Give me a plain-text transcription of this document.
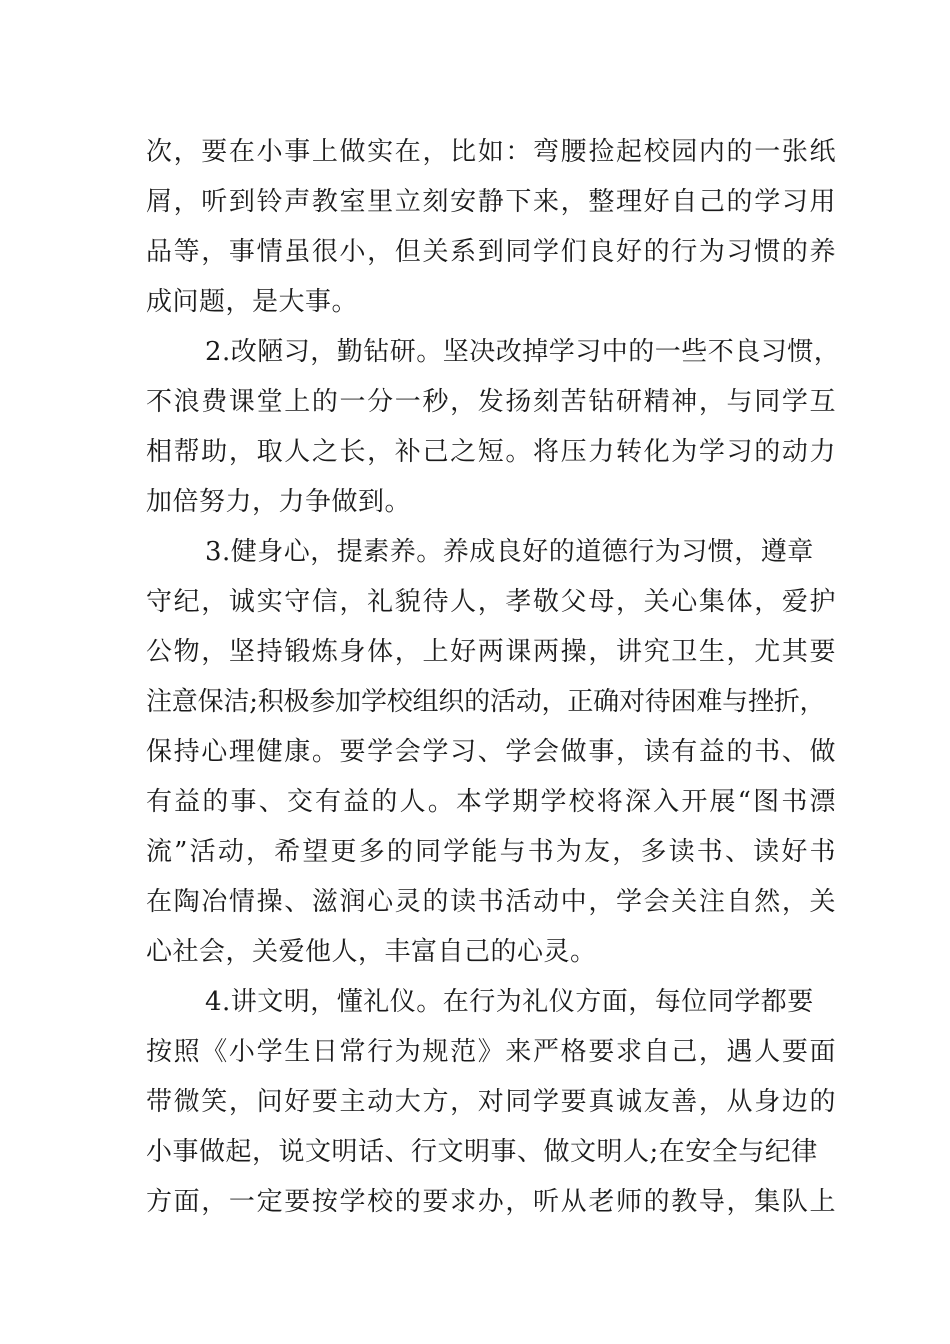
次，要在小事上做实在，比如：弯腰捡起校园内的一张纸
屑，听到铃声教室里立刻安静下来，整理好自己的学习用
品等，事情虽很小，但关系到同学们良好的行为习惯的养
成问题，是大事。
2.改陋习，勤钻研。坚决改掉学习中的一些不良习惯，
不浪费课堂上的一分一秒，发扬刻苦钻研精神，与同学互
相帮助，取人之长，补己之短。将压力转化为学习的动力
加倍努力，力争做到。
3.健身心，提素养。养成良好的道德行为习惯，遵章
守纪，诚实守信，礼貌待人，孝敬父母，关心集体，爱护
公物，坚持锻炼身体，上好两课两操，讲究卫生，尤其要
注意保洁;积极参加学校组织的活动，正确对待困难与挫折，
保持心理健康。要学会学习、学会做事，读有益的书、做
有益的事、交有益的人。本学期学校将深入开展“图书漂
流”活动，希望更多的同学能与书为友，多读书、读好书
在陶冶情操、滋润心灵的读书活动中，学会关注自然，关
心社会，关爱他人，丰富自己的心灵。
4.讲文明，懂礼仪。在行为礼仪方面，每位同学都要
按照《小学生日常行为规范》来严格要求自己，遇人要面
带微笑，问好要主动大方，对同学要真诚友善，从身边的
小事做起，说文明话、行文明事、做文明人;在安全与纪律
方面，一定要按学校的要求办，听从老师的教导，集队上
